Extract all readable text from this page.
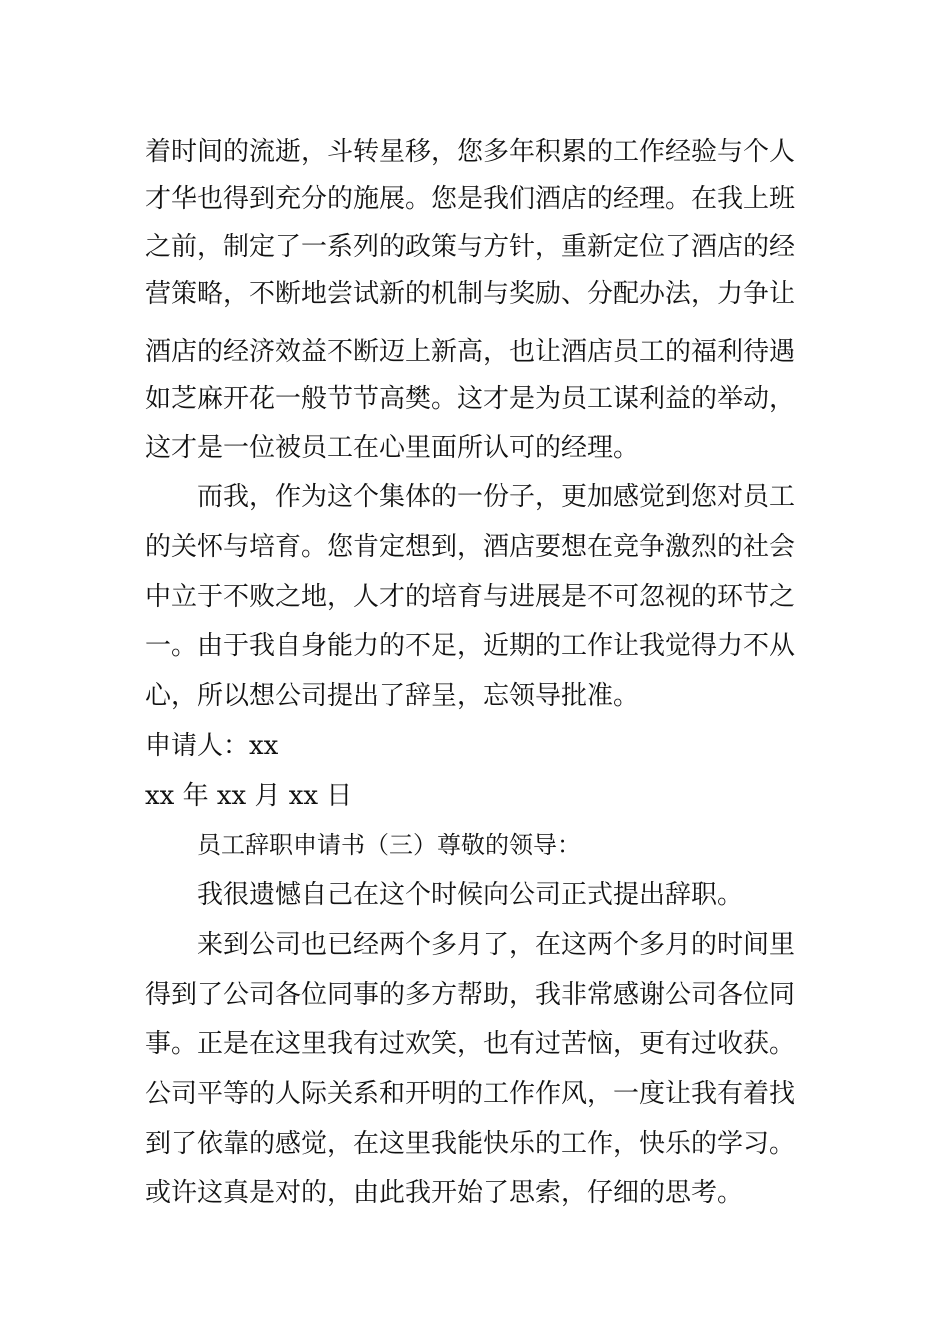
着时间的流逝，斗转星移，您多年积累的工作经验与个人
才华也得到充分的施展。您是我们酒店的经理。在我上班
之前，制定了一系列的政策与方针，重新定位了酒店的经
营策略，不断地尝试新的机制与奖励、分配办法，力争让
酒店的经济效益不断迈上新高，也让酒店员工的福利待遇
如芝麻开花一般节节高樊。这才是为员工谋利益的举动，
这才是一位被员工在心里面所认可的经理。
而我，作为这个集体的一份子，更加感觉到您对员工
的关怀与培育。您肯定想到，酒店要想在竞争激烈的社会
中立于不败之地，人才的培育与进展是不可忽视的环节之
一。由于我自身能力的不足，近期的工作让我觉得力不从
心，所以想公司提出了辞呈，忘领导批准。
申请人：xx
xx 年 xx 月 xx 日
员工辞职申请书（三）尊敬的领导：
我很遗憾自己在这个时候向公司正式提出辞职。
来到公司也已经两个多月了，在这两个多月的时间里
得到了公司各位同事的多方帮助，我非常感谢公司各位同
事。正是在这里我有过欢笑，也有过苦恼，更有过收获。
公司平等的人际关系和开明的工作作风，一度让我有着找
到了依靠的感觉，在这里我能快乐的工作，快乐的学习。
或许这真是对的，由此我开始了思索，仔细的思考。
